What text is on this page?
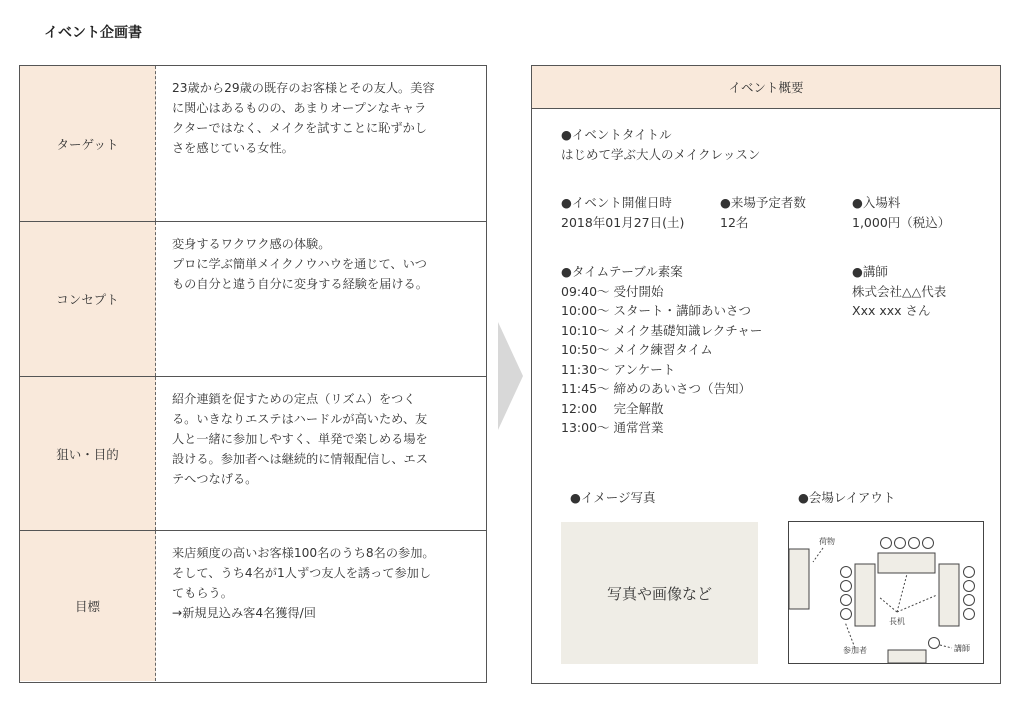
イベント企画書
ターゲット
23歳から29歳の既存のお客様とその友人。美容
に関心はあるものの、あまりオープンなキャラ
クターではなく、メイクを試すことに恥ずかし
さを感じている女性。
コンセプト
変身するワクワク感の体験。
プロに学ぶ簡単メイクノウハウを通じて、いつ
もの自分と違う自分に変身する経験を届ける。
狙い・目的
紹介連鎖を促すための定点（リズム）をつく
る。いきなりエステはハードルが高いため、友
人と一緒に参加しやすく、単発で楽しめる場を
設ける。参加者へは継続的に情報配信し、エス
テへつなげる。
目標
来店頻度の高いお客様100名のうち8名の参加。
そして、うち4名が1人ずつ友人を誘って参加し
てもらう。
→新規見込み客4名獲得/回
イベント概要
●イベントタイトル
はじめて学ぶ大人のメイクレッスン
●イベント開催日時
2018年01月27日(土)
●来場予定者数
12名
●入場料
1,000円（税込）
●タイムテーブル素案
09:40〜 受付開始
10:00〜 スタート・講師あいさつ
10:10〜 メイク基礎知識レクチャー
10:50〜 メイク練習タイム
11:30〜 アンケート
11:45〜 締めのあいさつ（告知）
12:00　 完全解散
13:00〜 通常営業
●講師
株式会社△△代表
Xxx xxx さん
●イメージ写真	●会場レイアウト
写真や画像など
荷物
長机
参加者	講師
